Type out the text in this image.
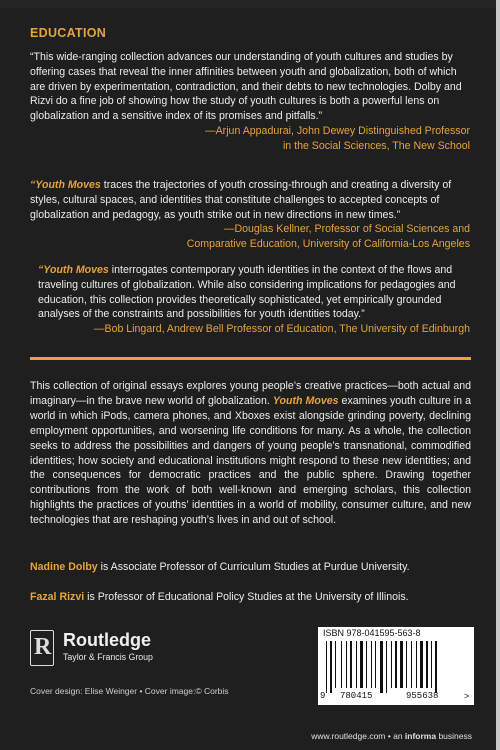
EDUCATION
“This wide-ranging collection advances our understanding of youth cultures and studies by offering cases that reveal the inner affinities between youth and globalization, both of which are driven by experimentation, contradiction, and their debts to new technologies. Dolby and Rizvi do a fine job of showing how the study of youth cultures is both a powerful lens on globalization and a sensitive index of its promises and pitfalls.”
—Arjun Appadurai, John Dewey Distinguished Professor
in the Social Sciences, The New School
“Youth Moves traces the trajectories of youth crossing-through and creating a diversity of styles, cultural spaces, and identities that constitute challenges to accepted concepts of globalization and pedagogy, as youth strike out in new directions in new times.”
—Douglas Kellner, Professor of Social Sciences and
Comparative Education, University of California-Los Angeles
“Youth Moves interrogates contemporary youth identities in the context of the flows and traveling cultures of globalization. While also considering implications for pedagogies and education, this collection provides theoretically sophisticated, yet empirically grounded analyses of the constraints and possibilities for youth identities today.”
—Bob Lingard, Andrew Bell Professor of Education, The University of Edinburgh
This collection of original essays explores young people’s creative practices—both actual and imaginary—in the brave new world of globalization. Youth Moves examines youth culture in a world in which iPods, camera phones, and Xboxes exist alongside grinding poverty, declining employment opportunities, and worsening life conditions for many. As a whole, the collection seeks to address the possibilities and dangers of young people’s transnational, commodified identities; how society and educational institutions might respond to these new identities; and the consequences for democratic practices and the public sphere. Drawing together contributions from the work of both well-known and emerging scholars, this collection highlights the practices of youths’ identities in a world of mobility, consumer culture, and new technologies that are reshaping youth’s lives in and out of school.
Nadine Dolby is Associate Professor of Curriculum Studies at Purdue University.
Fazal Rizvi is Professor of Educational Policy Studies at the University of Illinois.
R Routledge
Taylor & Francis Group
Cover design: Elise Weinger • Cover image:© Corbis
ISBN 978-041595-563-8
9 780415	955638	>
www.routledge.com • an informa business
